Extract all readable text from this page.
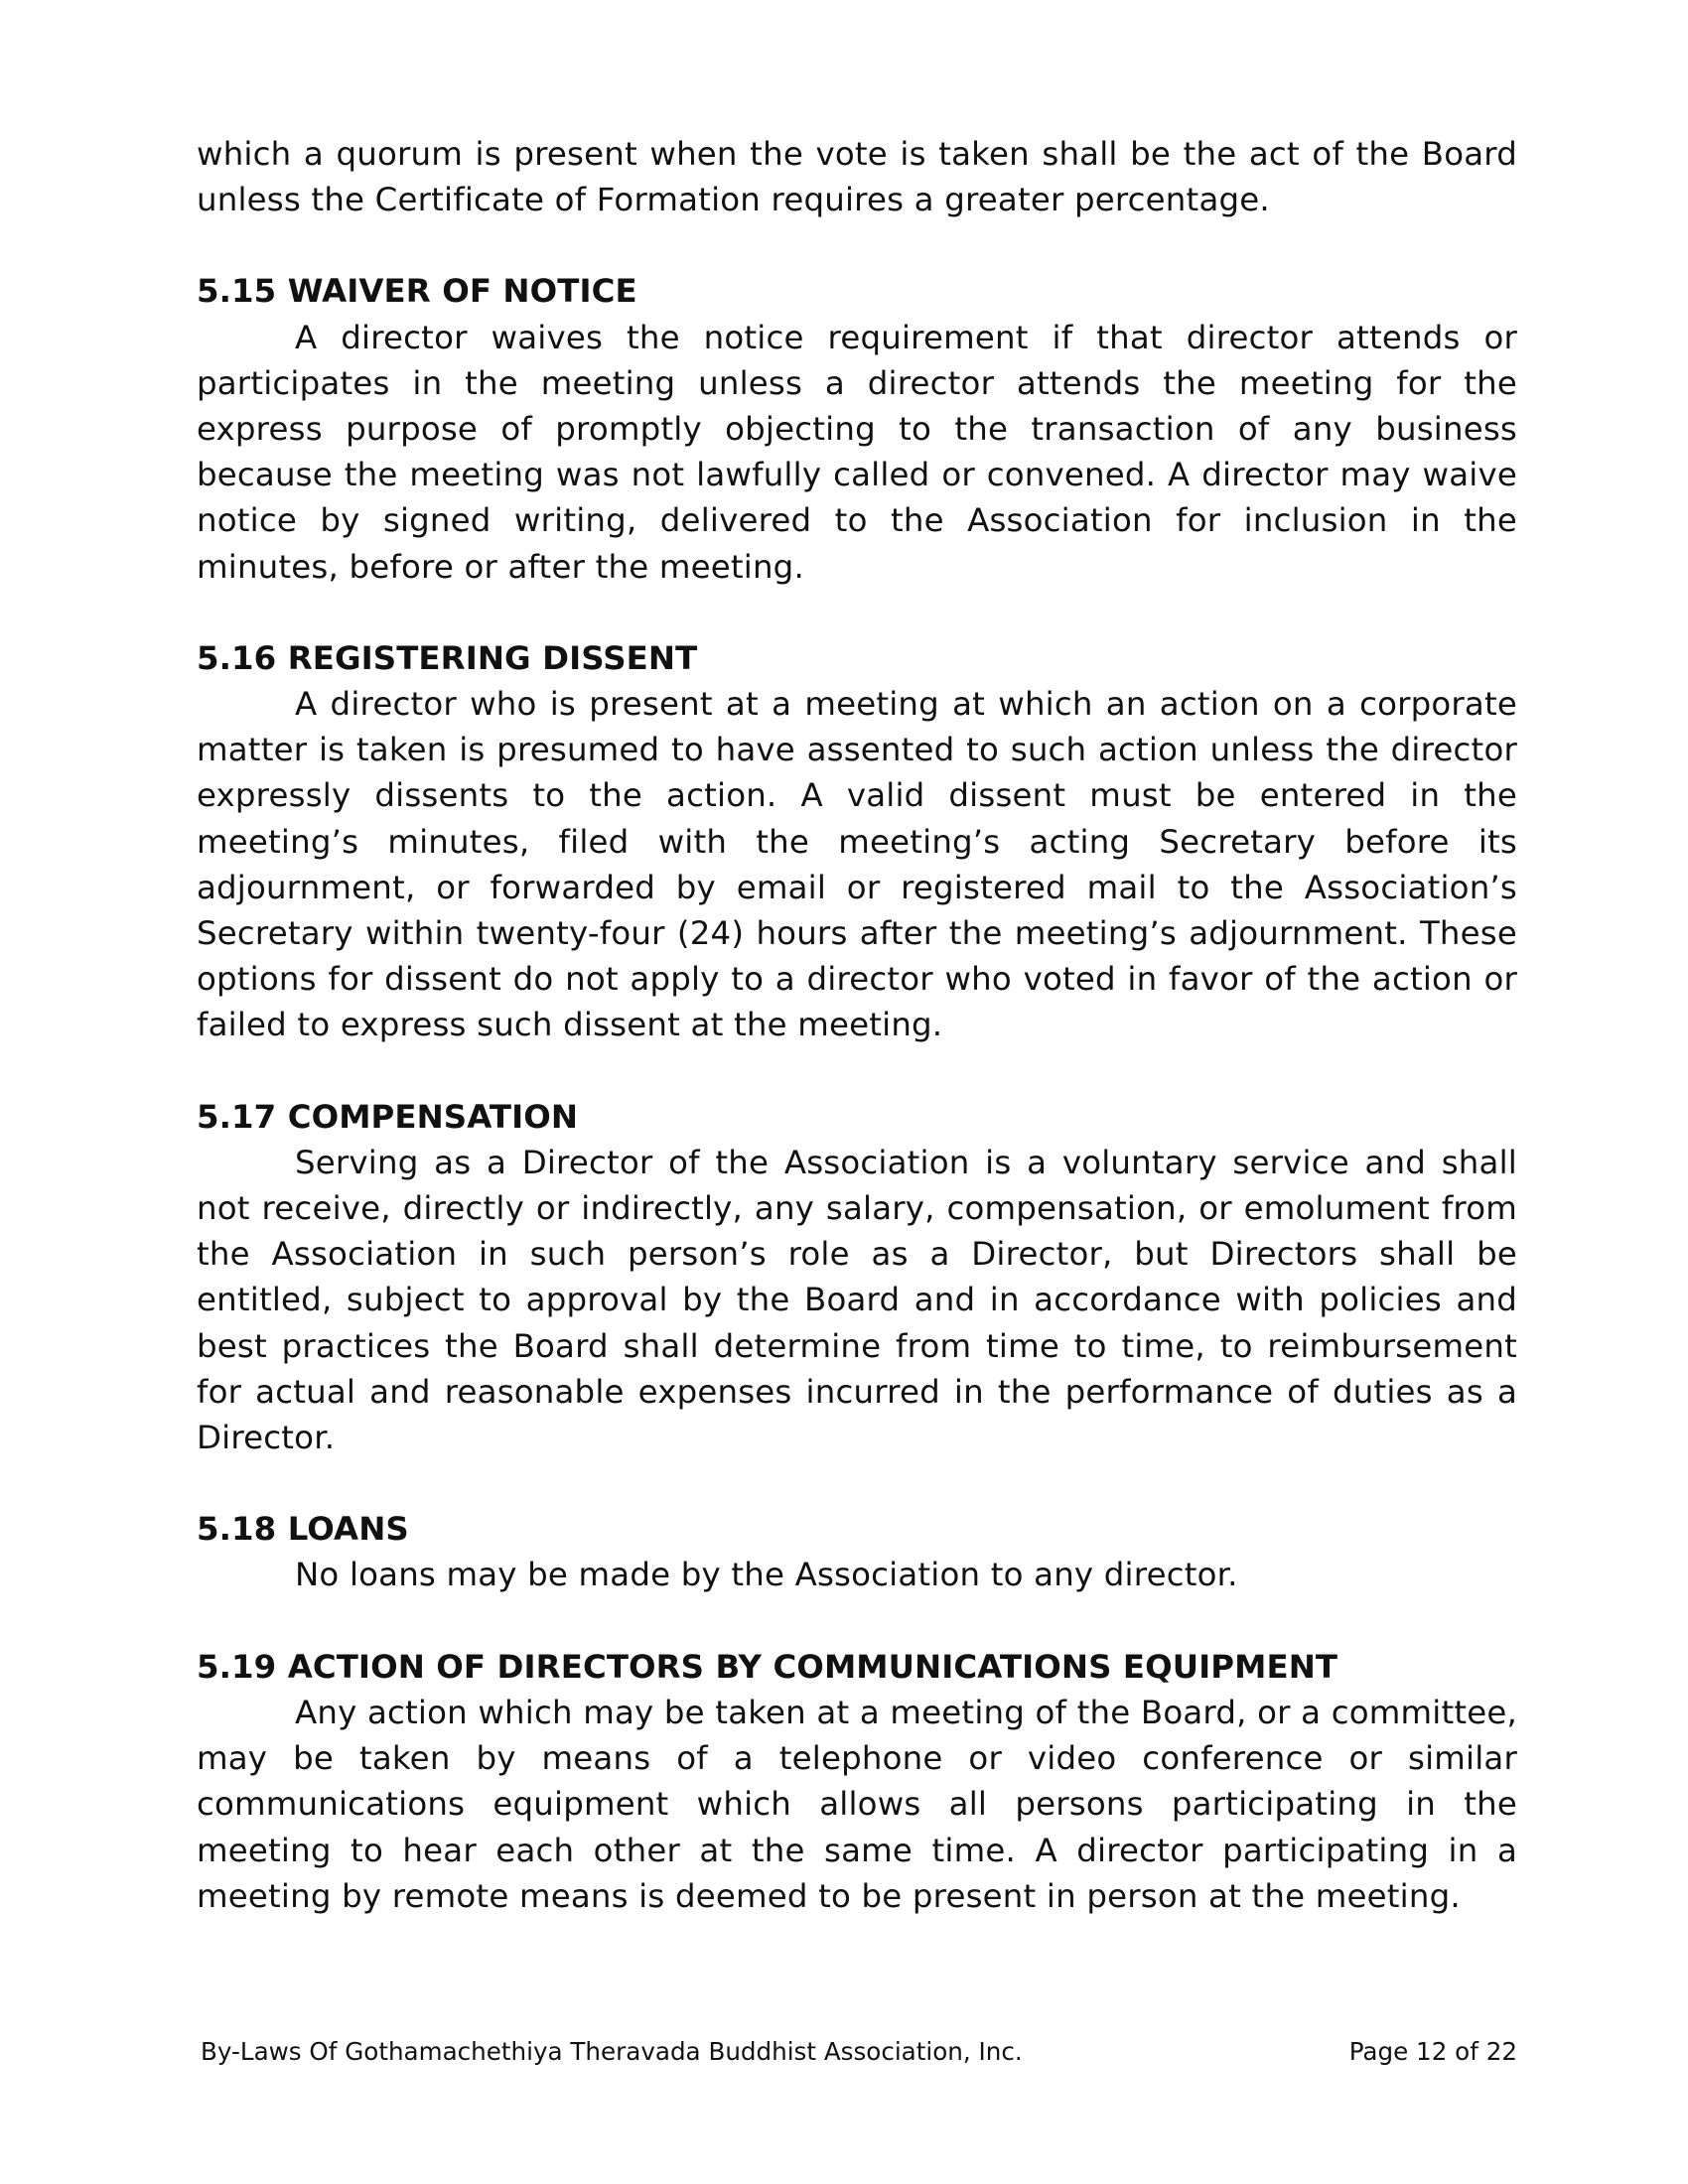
which a quorum is present when the vote is taken shall be the act of the Board unless the Certificate of Formation requires a greater percentage.

5.15 WAIVER OF NOTICE

A director waives the notice requirement if that director attends or participates in the meeting unless a director attends the meeting for the express purpose of promptly objecting to the transaction of any business because the meeting was not lawfully called or convened. A director may waive notice by signed writing, delivered to the Association for inclusion in the minutes, before or after the meeting.

5.16 REGISTERING DISSENT

A director who is present at a meeting at which an action on a corporate matter is taken is presumed to have assented to such action unless the director expressly dissents to the action. A valid dissent must be entered in the meeting’s minutes, filed with the meeting’s acting Secretary before its adjournment, or forwarded by email or registered mail to the Association’s Secretary within twenty-four (24) hours after the meeting’s adjournment. These options for dissent do not apply to a director who voted in favor of the action or failed to express such dissent at the meeting.

5.17 COMPENSATION

Serving as a Director of the Association is a voluntary service and shall not receive, directly or indirectly, any salary, compensation, or emolument from the Association in such person’s role as a Director, but Directors shall be entitled, subject to approval by the Board and in accordance with policies and best practices the Board shall determine from time to time, to reimbursement for actual and reasonable expenses incurred in the performance of duties as a Director.

5.18 LOANS

No loans may be made by the Association to any director.

5.19 ACTION OF DIRECTORS BY COMMUNICATIONS EQUIPMENT

Any action which may be taken at a meeting of the Board, or a committee, may be taken by means of a telephone or video conference or similar communications equipment which allows all persons participating in the meeting to hear each other at the same time. A director participating in a meeting by remote means is deemed to be present in person at the meeting.

By-Laws Of Gothamachethiya Theravada Buddhist Association, Inc.	Page 12 of 22
